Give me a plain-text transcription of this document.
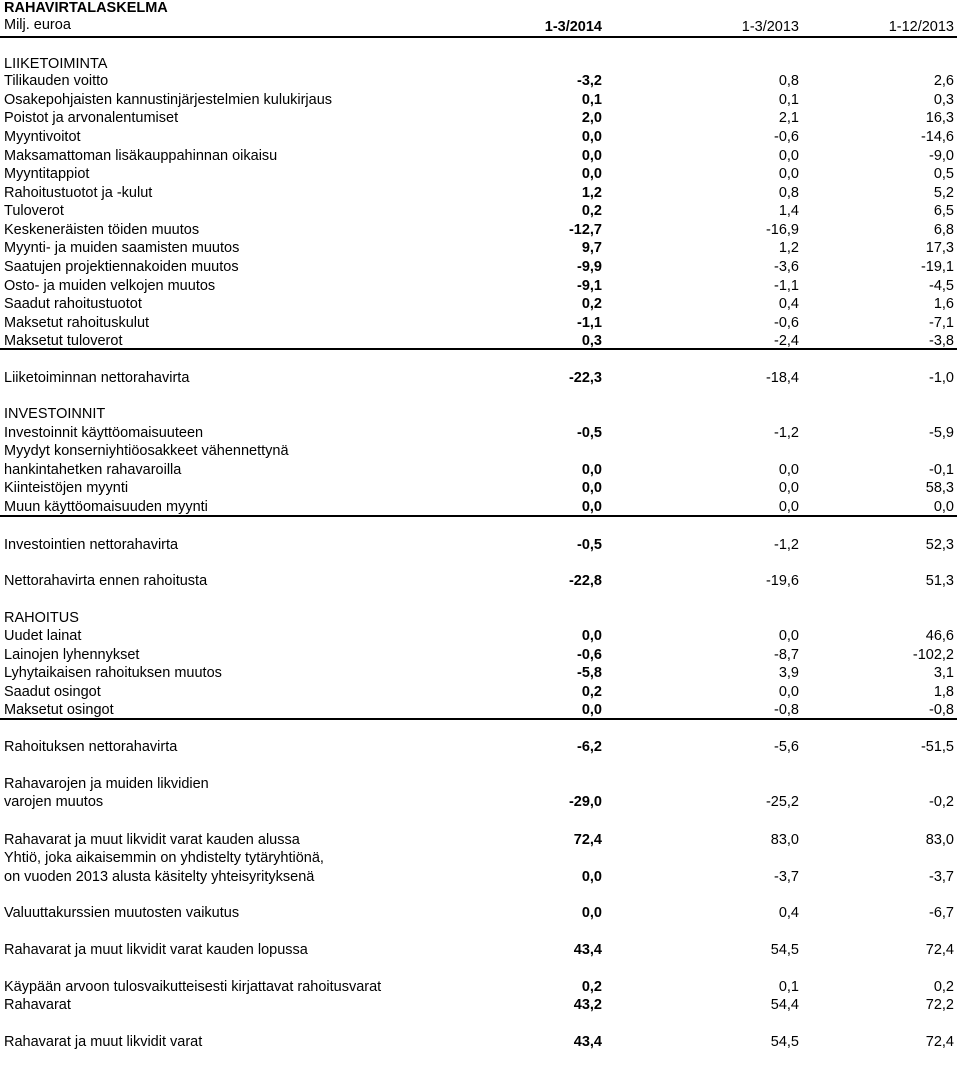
RAHAVIRTALASKELMA
Milj. euroa	1-3/2014	1-3/2013	1-12/2013
LIIKETOIMINTA
Tilikauden voitto	-3,2	0,8	2,6
Osakepohjaisten kannustinjärjestelmien kulukirjaus	0,1	0,1	0,3
Poistot ja arvonalentumiset	2,0	2,1	16,3
Myyntivoitot	0,0	-0,6	-14,6
Maksamattoman lisäkauppahinnan oikaisu	0,0	0,0	-9,0
Myyntitappiot	0,0	0,0	0,5
Rahoitustuotot ja -kulut	1,2	0,8	5,2
Tuloverot	0,2	1,4	6,5
Keskeneräisten töiden muutos	-12,7	-16,9	6,8
Myynti- ja muiden saamisten muutos	9,7	1,2	17,3
Saatujen projektiennakoiden muutos	-9,9	-3,6	-19,1
Osto- ja muiden velkojen muutos	-9,1	-1,1	-4,5
Saadut rahoitustuotot	0,2	0,4	1,6
Maksetut rahoituskulut	-1,1	-0,6	-7,1
Maksetut tuloverot	0,3	-2,4	-3,8
Liiketoiminnan nettorahavirta	-22,3	-18,4	-1,0
INVESTOINNIT
Investoinnit käyttöomaisuuteen	-0,5	-1,2	-5,9
Myydyt konserniyhtiöosakkeet vähennettynä
hankintahetken rahavaroilla	0,0	0,0	-0,1
Kiinteistöjen myynti	0,0	0,0	58,3
Muun käyttöomaisuuden myynti	0,0	0,0	0,0
Investointien nettorahavirta	-0,5	-1,2	52,3
Nettorahavirta ennen rahoitusta	-22,8	-19,6	51,3
RAHOITUS
Uudet lainat	0,0	0,0	46,6
Lainojen lyhennykset	-0,6	-8,7	-102,2
Lyhytaikaisen rahoituksen muutos	-5,8	3,9	3,1
Saadut osingot	0,2	0,0	1,8
Maksetut osingot	0,0	-0,8	-0,8
Rahoituksen nettorahavirta	-6,2	-5,6	-51,5
Rahavarojen ja muiden likvidien
varojen muutos	-29,0	-25,2	-0,2
Rahavarat ja muut likvidit varat kauden alussa	72,4	83,0	83,0
Yhtiö, joka aikaisemmin on yhdistelty tytäryhtiönä,
on vuoden 2013 alusta käsitelty yhteisyrityksenä	0,0	-3,7	-3,7
Valuuttakurssien muutosten vaikutus	0,0	0,4	-6,7
Rahavarat ja muut likvidit varat kauden lopussa	43,4	54,5	72,4
Käypään arvoon tulosvaikutteisesti kirjattavat rahoitusvarat	0,2	0,1	0,2
Rahavarat	43,2	54,4	72,2
Rahavarat ja muut likvidit varat	43,4	54,5	72,4
